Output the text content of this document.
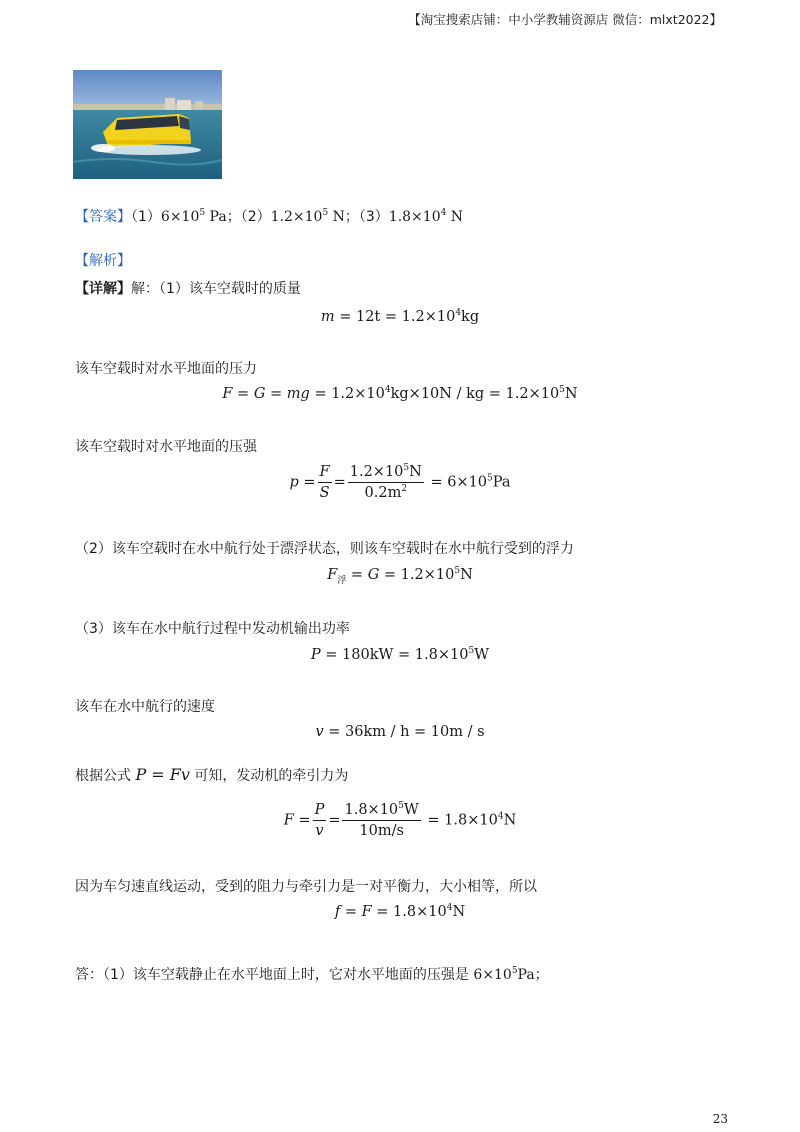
【淘宝搜索店铺：中小学教辅资源店 微信：mlxt2022】
【答案】$(1)6\times 10^5$ Pa；$(2)1.2\times 10^5$ N；$(3)1.8\times 10^4$ N
【解析】
【详解】解：（1）该车空载时的质量
$m = 12t = 1.2\times 10^4kg$
该车空载时对水平地面的压力
F = G = mg = $1.2\times 10^4kg\times 10N$ / kg = $1.2\times 10^5N$
该车空载时对水平地面的压强
$p = \frac{F}{S} = \frac{1.2\times 10^5N}{0.2m^2} = 6\times 10^5Pa$
（2）该车空载时在水中航行处于漂浮状态，则该车空载时在水中航行受到的浮力
$F_浮 = G = 1.2\times 10^5N$
（3）该车在水中航行过程中发动机输出功率
$P = 180kW = 1.8\times 10^5W$
该车在水中航行的速度
v = 36km / h = 10m / s
根据公式 P = Fv 可知，发动机的牵引力为
$F = \frac{P}{v} = \frac{1.8\times 10^5W}{10m/s} = 1.8\times 10^4N$
因为车匀速直线运动，受到的阻力与牵引力是一对平衡力，大小相等，所以
$f = F = 1.8\times 10^4N$
答：（1）该车空载静止在水平地面上时，它对水平地面的压强是 $6\times 10^5Pa$；
23
